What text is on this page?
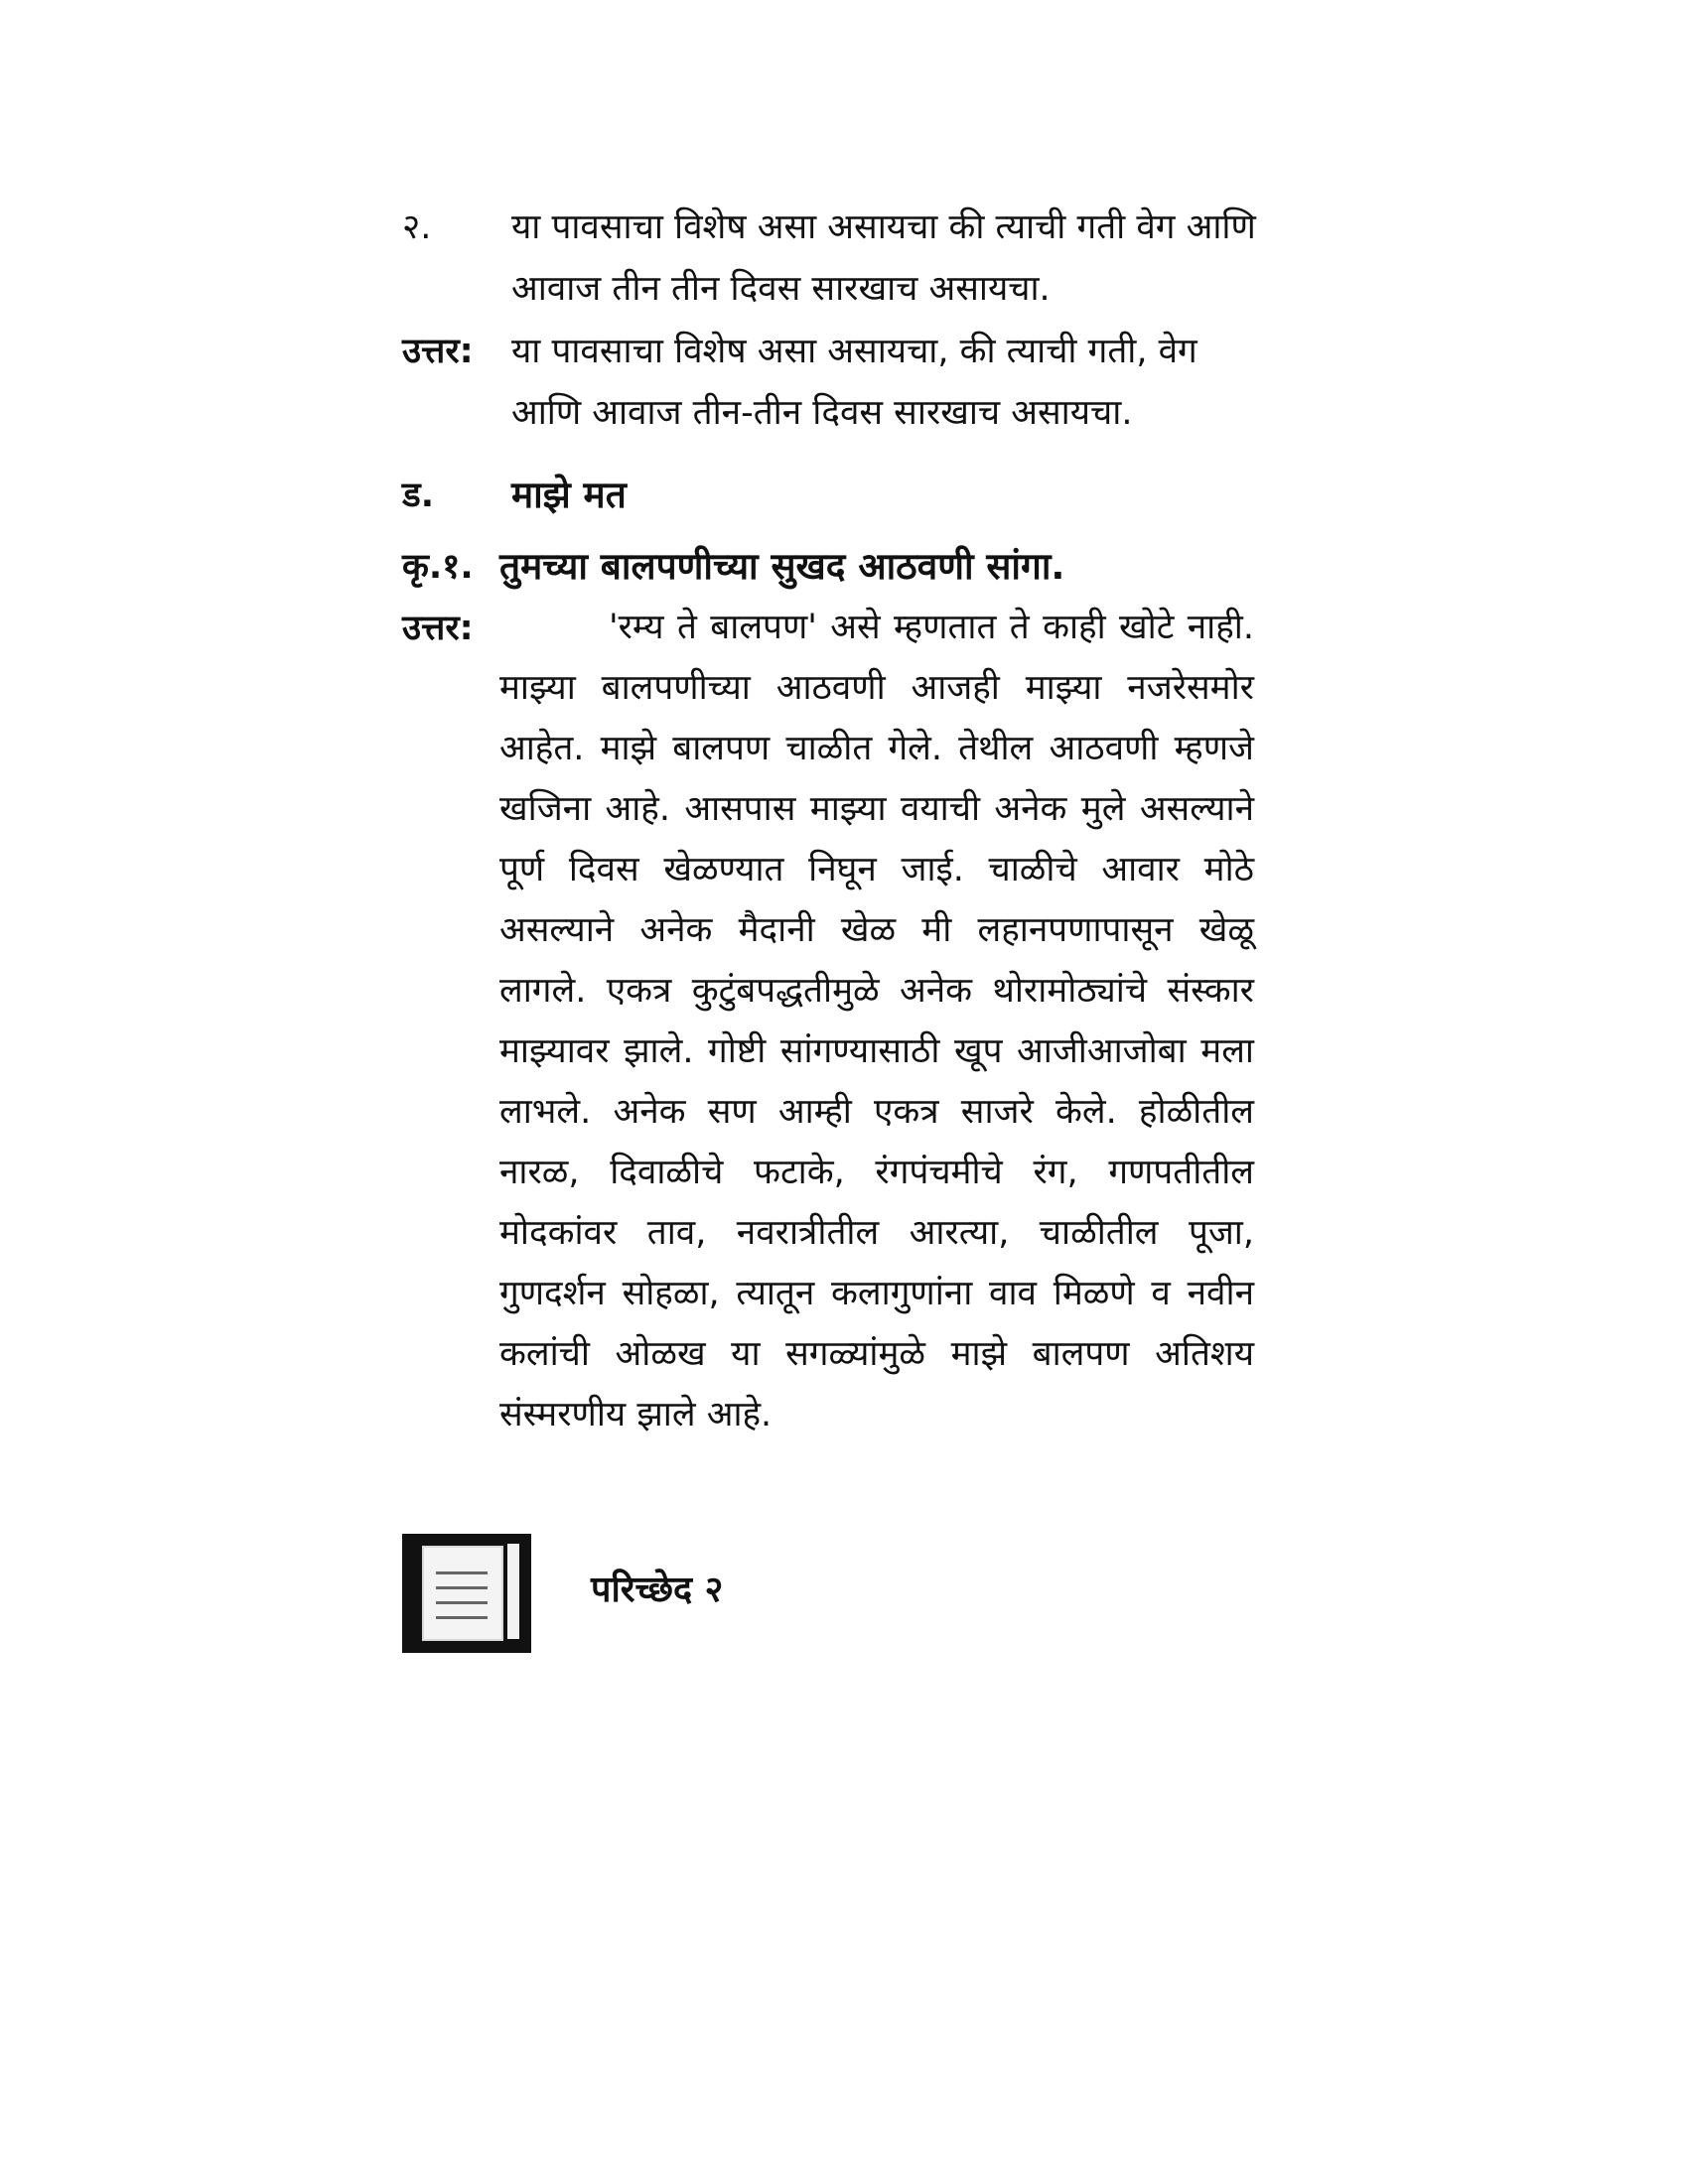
२. या पावसाचा विशेष असा असायचा की त्याची गती वेग आणि आवाज तीन तीन दिवस सारखाच असायचा.
उत्तर: या पावसाचा विशेष असा असायचा, की त्याची गती, वेग आणि आवाज तीन-तीन दिवस सारखाच असायचा.
ड. माझे मत
कृ.१. तुमच्या बालपणीच्या सुखद आठवणी सांगा.
उत्तर:	'रम्य ते बालपण' असे म्हणतात ते काही खोटे नाही. माझ्या बालपणीच्या आठवणी आजही माझ्या नजरेसमोर आहेत. माझे बालपण चाळीत गेले. तेथील आठवणी म्हणजे खजिना आहे. आसपास माझ्या वयाची अनेक मुले असल्याने पूर्ण दिवस खेळण्यात निघून जाई. चाळीचे आवार मोठे असल्याने अनेक मैदानी खेळ मी लहानपणापासून खेळू लागले. एकत्र कुटुंबपद्धतीमुळे अनेक थोरामोठ्यांचे संस्कार माझ्यावर झाले. गोष्टी सांगण्यासाठी खूप आजीआजोबा मला लाभले. अनेक सण आम्ही एकत्र साजरे केले. होळीतील नारळ, दिवाळीचे फटाके, रंगपंचमीचे रंग, गणपतीतील मोदकांवर ताव, नवरात्रीतील आरत्या, चाळीतील पूजा, गुणदर्शन सोहळा, त्यातून कलागुणांना वाव मिळणे व नवीन कलांची ओळख या सगळ्यांमुळे माझे बालपण अतिशय संस्मरणीय झाले आहे.
परिच्छेद २
